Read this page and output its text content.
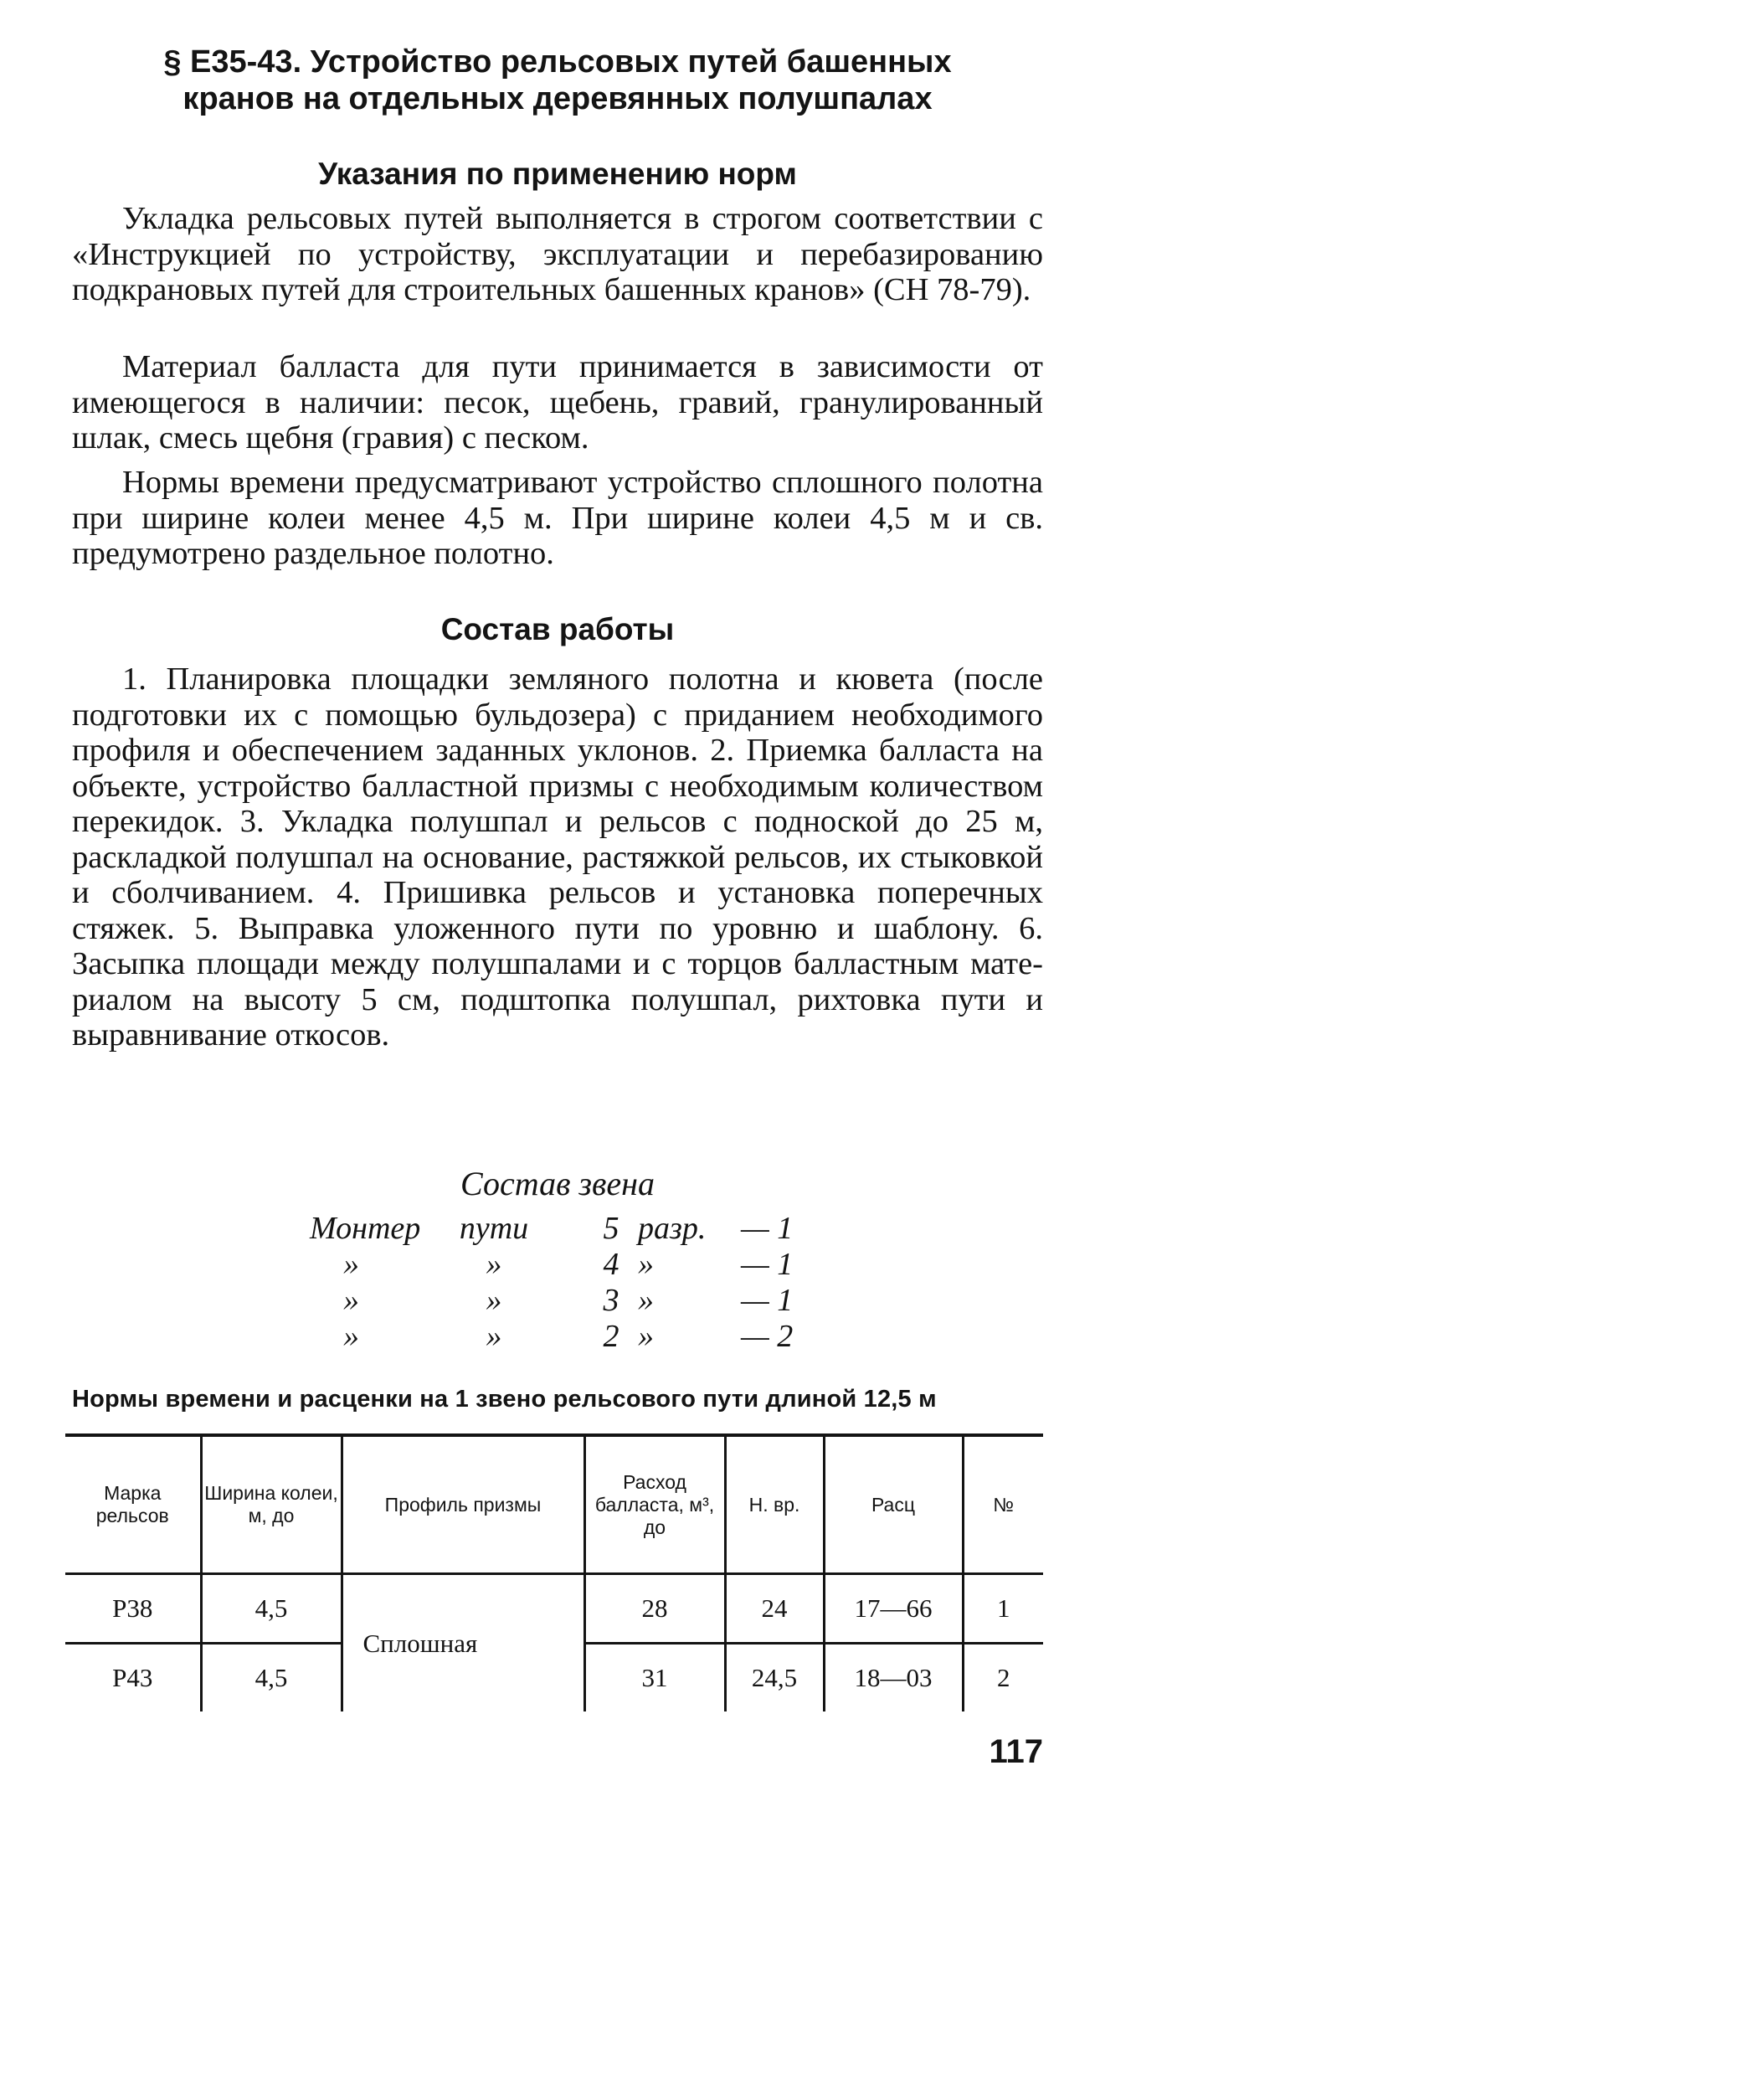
§ Е35-43. Устройство рельсовых путей башенных
кранов на отдельных деревянных полушпалах
Указания по применению норм
Укладка рельсовых путей выполняется в строгом соответствии с «Инструкцией по устройству, эксплуатации и перебазированию подкрановых путей для строительных башенных кранов» (СН 78-79).
Материал балласта для пути принимается в зависимости от имеющегося в наличии: песок, щебень, гравий, гранулированный шлак, смесь щебня (гравия) с песком.
Нормы времени предусматривают устройство сплошного полотна при ширине колеи менее 4,5 м. При ширине колеи 4,5 м и св. предумотрено раздельное полотно.
Состав работы
1. Планировка площадки земляного полотна и кювета (после подготовки их с помощью бульдозера) с приданием необходимого профиля и обеспечением заданных уклонов. 2. Приемка балласта на объекте, устройство балластной призмы с необходимым количеством перекидок. 3. Укладка полушпал и рельсов с подноской до 25 м, раскладкой полушпал на основание, растяжкой рельсов, их стыковкой и сболчиванием. 4. Пришивка рельсов и установка поперечных стяжек. 5. Выправка уложенного пути по уровню и шаблону. 6. Засыпка площади между полушпалами и с торцов балластным материалом на высоту 5 см, подштопка полушпал, рихтовка пути и выравнивание откосов.
Состав звена
Монтер	пути 5 разр.	— 1
»	»	4 »	— 1
»	»	3 »	— 1
»	»	2 »	— 2
Нормы времени и расценки на 1 звено рельсового пути длиной 12,5 м
Марка рельсов	Ширина колеи, м, до	Профиль призмы	Расход балласта, м³, до	Н. вр.	Расц	№
Р38	4,5	Сплошная	28	24	17—66	1
Р43	4,5		31	24,5	18—03	2
117
